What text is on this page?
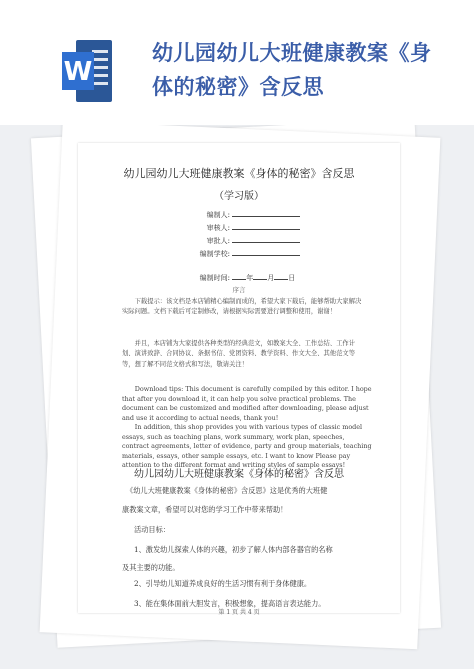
W
幼儿园幼儿大班健康教案《身体的秘密》含反思
幼儿园幼儿大班健康教案《身体的秘密》含反思
（学习版）
编制人:
审核人:
审批人:
编制学校:
编制时间: 年 月 日
序言
下载提示：该文档是本店铺精心编制而成的，希望大家下载后，能够帮助大家解决实际问题。文档下载后可定制修改，请根据实际需要进行调整和使用，谢谢！
并且，本店铺为大家提供各种类型的经典范文，如教案大全、工作总结、工作计划、演讲致辞、合同协议、条据书信、党团资料、教学资料、作文大全、其他范文等等，想了解不同范文格式和写法，敬请关注！
Download tips: This document is carefully compiled by this editor. I hope that after you download it, it can help you solve practical problems. The document can be customized and modified after downloading, please adjust and use it according to actual needs, thank you!
In addition, this shop provides you with various types of classic model essays, such as teaching plans, work summary, work plan, speeches, contract agreements, letter of evidence, party and group materials, teaching materials, essays, other sample essays, etc. I want to know Please pay attention to the different format and writing styles of sample essays!
幼儿园幼儿大班健康教案《身体的秘密》含反思
《幼儿大班健康教案《身体的秘密》含反思》这是优秀的大班健
康教案文章，希望可以对您的学习工作中带来帮助！
活动目标：
1、激发幼儿探索人体的兴趣，初步了解人体内部各器官的名称
及其主要的功能。
2、引导幼儿知道养成良好的生活习惯有利于身体健康。
3、能在集体面前大胆发言，积极想象，提高语言表达能力。
第 1 页 共 4 页
